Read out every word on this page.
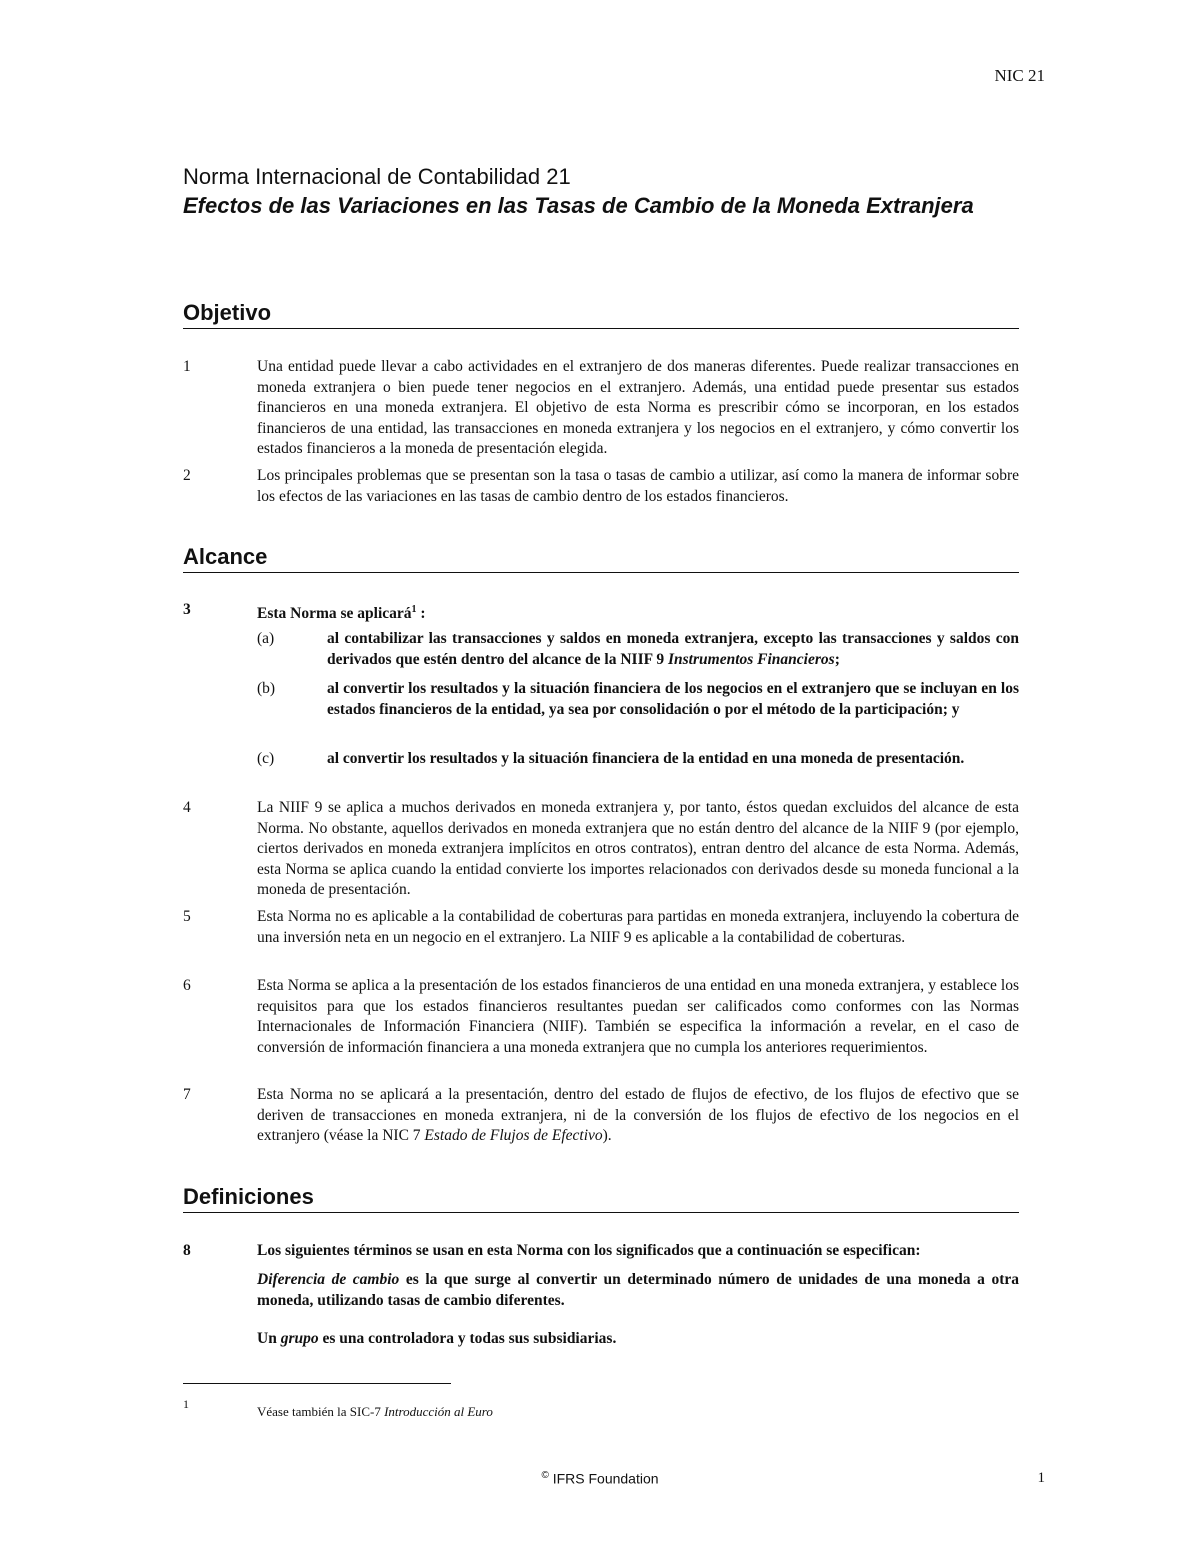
NIC 21
Norma Internacional de Contabilidad 21
Efectos de las Variaciones en las Tasas de Cambio de la Moneda Extranjera
Objetivo
1	Una entidad puede llevar a cabo actividades en el extranjero de dos maneras diferentes. Puede realizar transacciones en moneda extranjera o bien puede tener negocios en el extranjero. Además, una entidad puede presentar sus estados financieros en una moneda extranjera. El objetivo de esta Norma es prescribir cómo se incorporan, en los estados financieros de una entidad, las transacciones en moneda extranjera y los negocios en el extranjero, y cómo convertir los estados financieros a la moneda de presentación elegida.
2	Los principales problemas que se presentan son la tasa o tasas de cambio a utilizar, así como la manera de informar sobre los efectos de las variaciones en las tasas de cambio dentro de los estados financieros.
Alcance
3	Esta Norma se aplicará$^1$ :
(a)	al contabilizar las transacciones y saldos en moneda extranjera, excepto las transacciones y saldos con derivados que estén dentro del alcance de la NIIF 9 Instrumentos Financieros;
(b)	al convertir los resultados y la situación financiera de los negocios en el extranjero que se incluyan en los estados financieros de la entidad, ya sea por consolidación o por el método de la participación; y
(c)	al convertir los resultados y la situación financiera de la entidad en una moneda de presentación.
4	La NIIF 9 se aplica a muchos derivados en moneda extranjera y, por tanto, éstos quedan excluidos del alcance de esta Norma. No obstante, aquellos derivados en moneda extranjera que no están dentro del alcance de la NIIF 9 (por ejemplo, ciertos derivados en moneda extranjera implícitos en otros contratos), entran dentro del alcance de esta Norma. Además, esta Norma se aplica cuando la entidad convierte los importes relacionados con derivados desde su moneda funcional a la moneda de presentación.
5	Esta Norma no es aplicable a la contabilidad de coberturas para partidas en moneda extranjera, incluyendo la cobertura de una inversión neta en un negocio en el extranjero. La NIIF 9 es aplicable a la contabilidad de coberturas.
6	Esta Norma se aplica a la presentación de los estados financieros de una entidad en una moneda extranjera, y establece los requisitos para que los estados financieros resultantes puedan ser calificados como conformes con las Normas Internacionales de Información Financiera (NIIF). También se especifica la información a revelar, en el caso de conversión de información financiera a una moneda extranjera que no cumpla los anteriores requerimientos.
7	Esta Norma no se aplicará a la presentación, dentro del estado de flujos de efectivo, de los flujos de efectivo que se deriven de transacciones en moneda extranjera, ni de la conversión de los flujos de efectivo de los negocios en el extranjero (véase la NIC 7 Estado de Flujos de Efectivo).
Definiciones
8	Los siguientes términos se usan en esta Norma con los significados que a continuación se especifican:
Diferencia de cambio es la que surge al convertir un determinado número de unidades de una moneda a otra moneda, utilizando tasas de cambio diferentes.
Un grupo es una controladora y todas sus subsidiarias.
1	Véase también la SIC-7 Introducción al Euro
© IFRS Foundation	1
